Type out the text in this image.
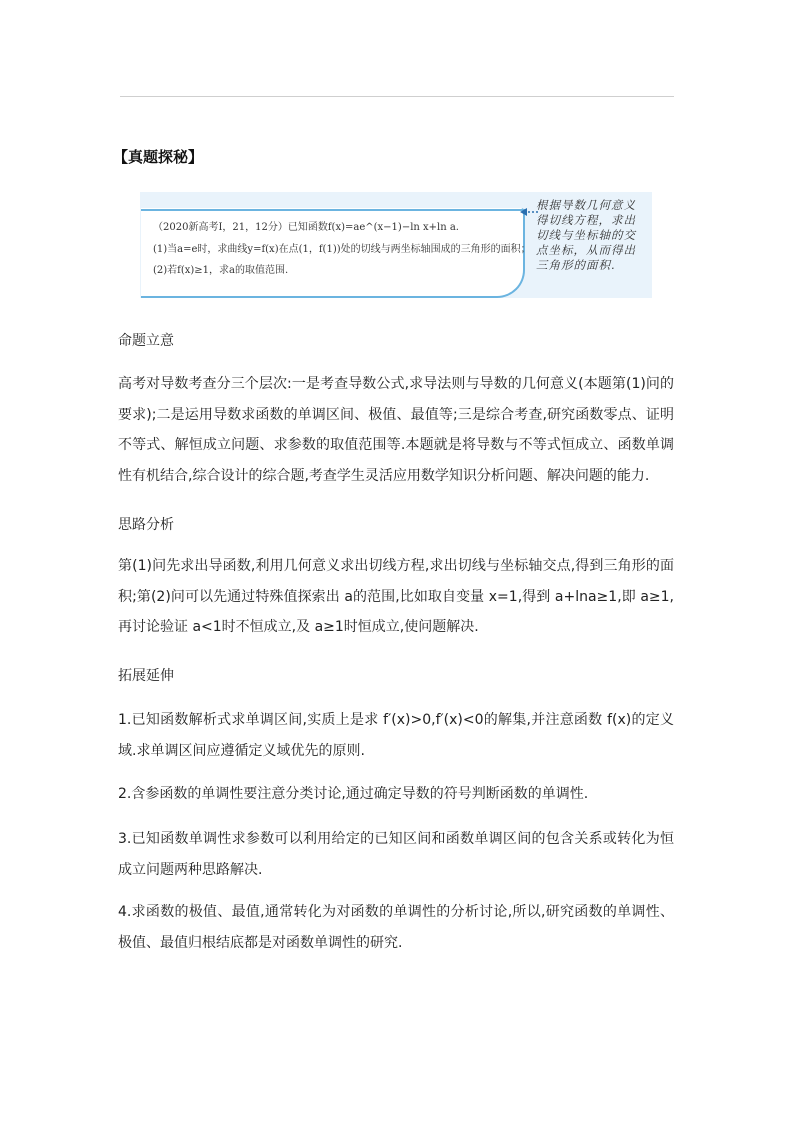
【真题探秘】
（2020新高考Ⅰ，21，12分）已知函数f(x)=ae^(x−1)−ln x+ln a.
(1)当a=e时，求曲线y=f(x)在点(1，f(1))处的切线与两坐标轴围成的三角形的面积；
(2)若f(x)≥1，求a的取值范围.
根据导数几何意义得切线方程，求出切线与坐标轴的交点坐标，从而得出三角形的面积.
命题立意
高考对导数考查分三个层次:一是考查导数公式,求导法则与导数的几何意义(本题第(1)问的要求);二是运用导数求函数的单调区间、极值、最值等;三是综合考查,研究函数零点、证明不等式、解恒成立问题、求参数的取值范围等.本题就是将导数与不等式恒成立、函数单调性有机结合,综合设计的综合题,考查学生灵活应用数学知识分析问题、解决问题的能力.
思路分析
第(1)问先求出导函数,利用几何意义求出切线方程,求出切线与坐标轴交点,得到三角形的面积;第(2)问可以先通过特殊值探索出 a的范围,比如取自变量 x=1,得到 a+lna≥1,即 a≥1,再讨论验证 a<1时不恒成立,及 a≥1时恒成立,使问题解决.
拓展延伸
1.已知函数解析式求单调区间,实质上是求 f′(x)>0,f′(x)<0的解集,并注意函数 f(x)的定义域.求单调区间应遵循定义域优先的原则.
2.含参函数的单调性要注意分类讨论,通过确定导数的符号判断函数的单调性.
3.已知函数单调性求参数可以利用给定的已知区间和函数单调区间的包含关系或转化为恒成立问题两种思路解决.
4.求函数的极值、最值,通常转化为对函数的单调性的分析讨论,所以,研究函数的单调性、极值、最值归根结底都是对函数单调性的研究.
